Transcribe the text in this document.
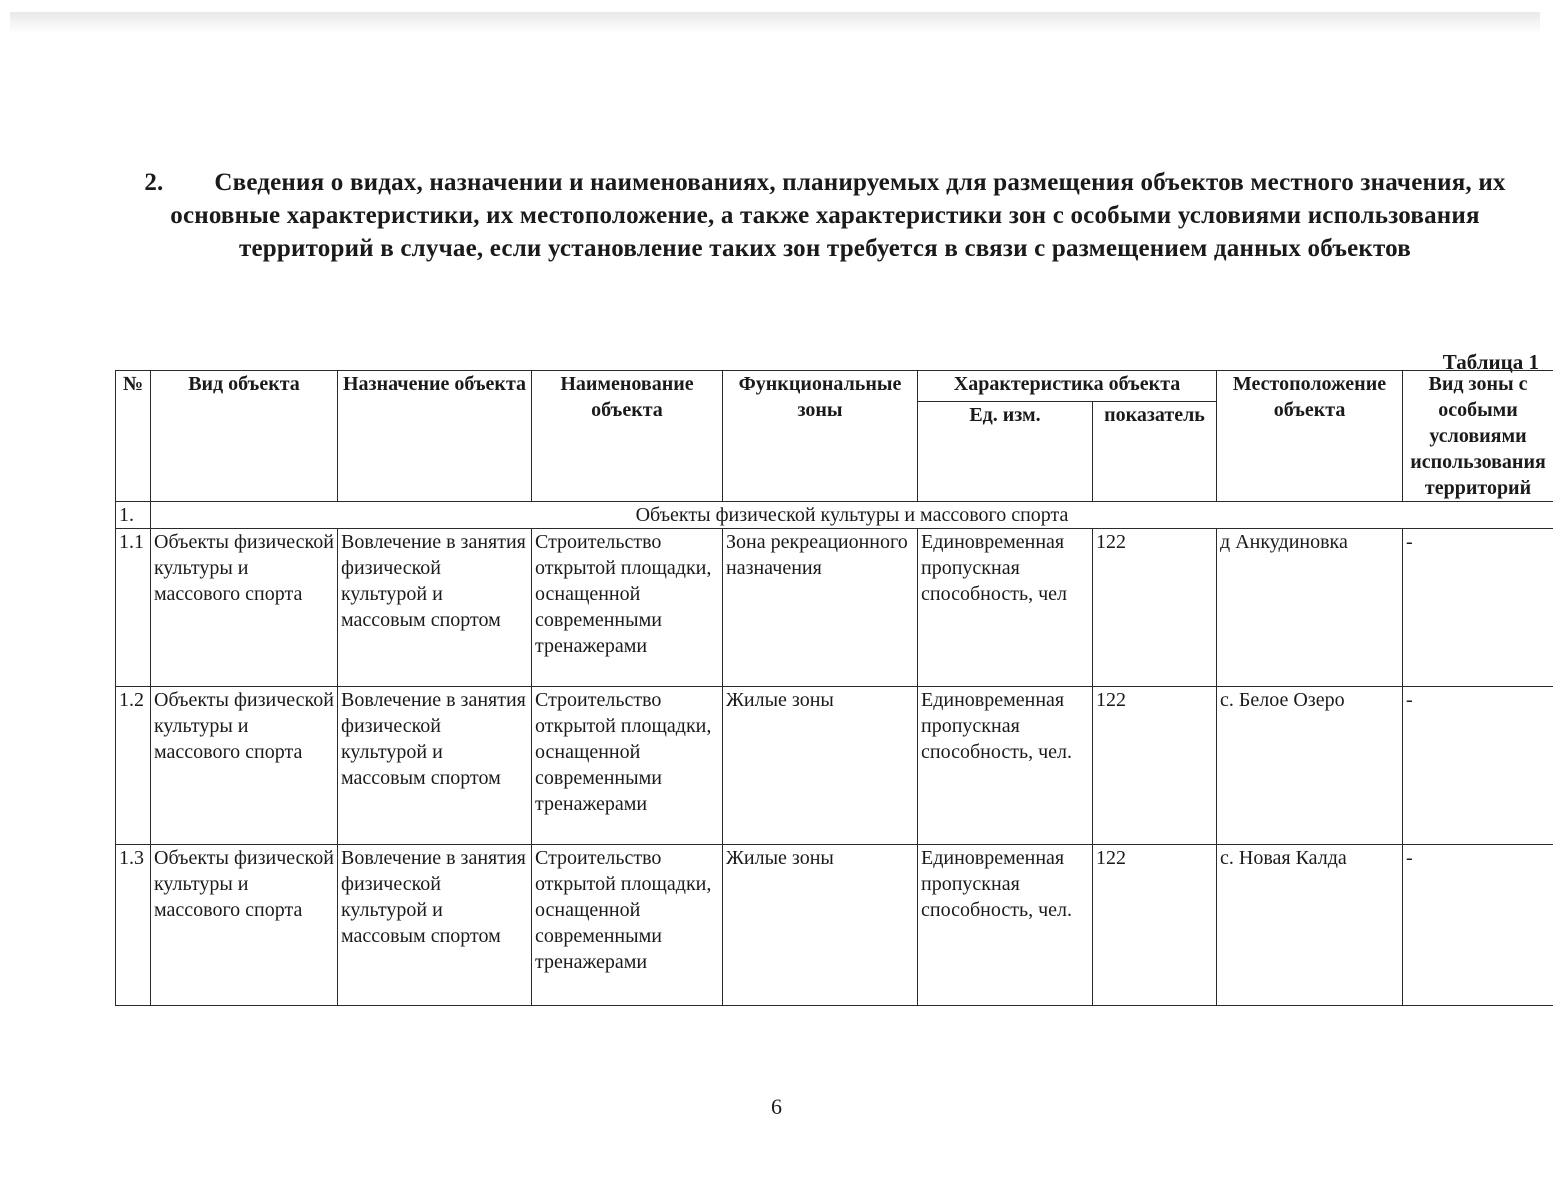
2. Сведения о видах, назначении и наименованиях, планируемых для размещения объектов местного значения, их основные характеристики, их местоположение, а также характеристики зон с особыми условиями использования территорий в случае, если установление таких зон требуется в связи с размещением данных объектов
Таблица 1
№	Вид объекта	Назначение объекта	Наименование объекта	Функциональные зоны	Характеристика объекта		Местоположение объекта	Вид зоны с особыми условиями использования территорий
					Ед. изм.	показатель		
1.	Объекты физической культуры и массового спорта							
1.1	Объекты физической культуры и массового спорта	Вовлечение в занятия физической культурой и массовым спортом	Строительство открытой площадки, оснащенной современными тренажерами	Зона рекреационного назначения	Единовременная пропускная способность, чел	122	д Анкудиновка	-
1.2	Объекты физической культуры и массового спорта	Вовлечение в занятия физической культурой и массовым спортом	Строительство открытой площадки, оснащенной современными тренажерами	Жилые зоны	Единовременная пропускная способность, чел.	122	с. Белое Озеро	-
1.3	Объекты физической культуры и массового спорта	Вовлечение в занятия физической культурой и массовым спортом	Строительство открытой площадки, оснащенной современными тренажерами	Жилые зоны	Единовременная пропускная способность, чел.	122	с. Новая Калда	-
6
